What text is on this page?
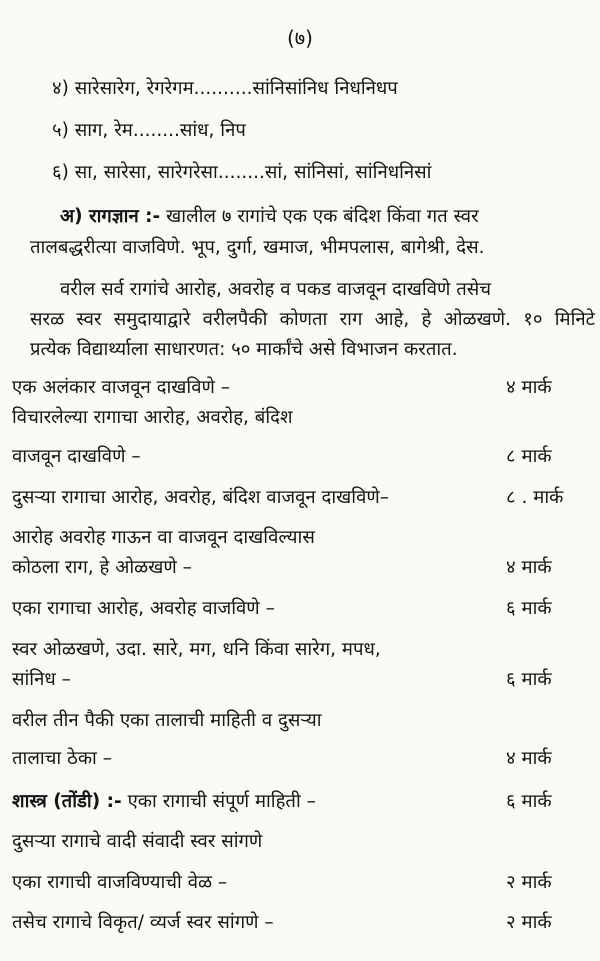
(७)
४) सारेसारेग, रेगरेगम..........सांनिसांनिध निधनिधप
५) साग, रेम........सांध, निप
६) सा, सारेसा, सारेगरेसा........सां, सांनिसां, सांनिधनिसां
अ) रागज्ञान :- खालील ७ रागांचे एक एक बंदिश किंवा गत स्वर
तालबद्धरीत्या वाजविणे. भूप, दुर्गा, खमाज, भीमपलास, बागेश्री, देस.
वरील सर्व रागांचे आरोह, अवरोह व पकड वाजवून दाखविणे तसेच
सरळ स्वर समुदायाद्वारे वरीलपैकी कोणता राग आहे, हे ओळखणे. १० मिनिटे
प्रत्येक विद्यार्थ्याला साधारणत: ५० मार्कांचे असे विभाजन करतात.
एक अलंकार वाजवून दाखविणे –	४ मार्क
विचारलेल्या रागाचा आरोह, अवरोह, बंदिश
वाजवून दाखविणे –	८ मार्क
दुसऱ्या रागाचा आरोह, अवरोह, बंदिश वाजवून दाखविणे–	८ . मार्क
आरोह अवरोह गाऊन वा वाजवून दाखविल्यास
कोठला राग, हे ओळखणे –	४ मार्क
एका रागाचा आरोह, अवरोह वाजविणे –	६ मार्क
स्वर ओळखणे, उदा. सारे, मग, धनि किंवा सारेग, मपध,
सांनिध –	६ मार्क
वरील तीन पैकी एका तालाची माहिती व दुसऱ्या
तालाचा ठेका –	४ मार्क
शास्त्र (तोंडी) :- एका रागाची संपूर्ण माहिती –	६ मार्क
दुसऱ्या रागाचे वादी संवादी स्वर सांगणे
एका रागाची वाजविण्याची वेळ –	२ मार्क
तसेच रागाचे विकृत/ व्यर्ज स्वर सांगणे –	२ मार्क
